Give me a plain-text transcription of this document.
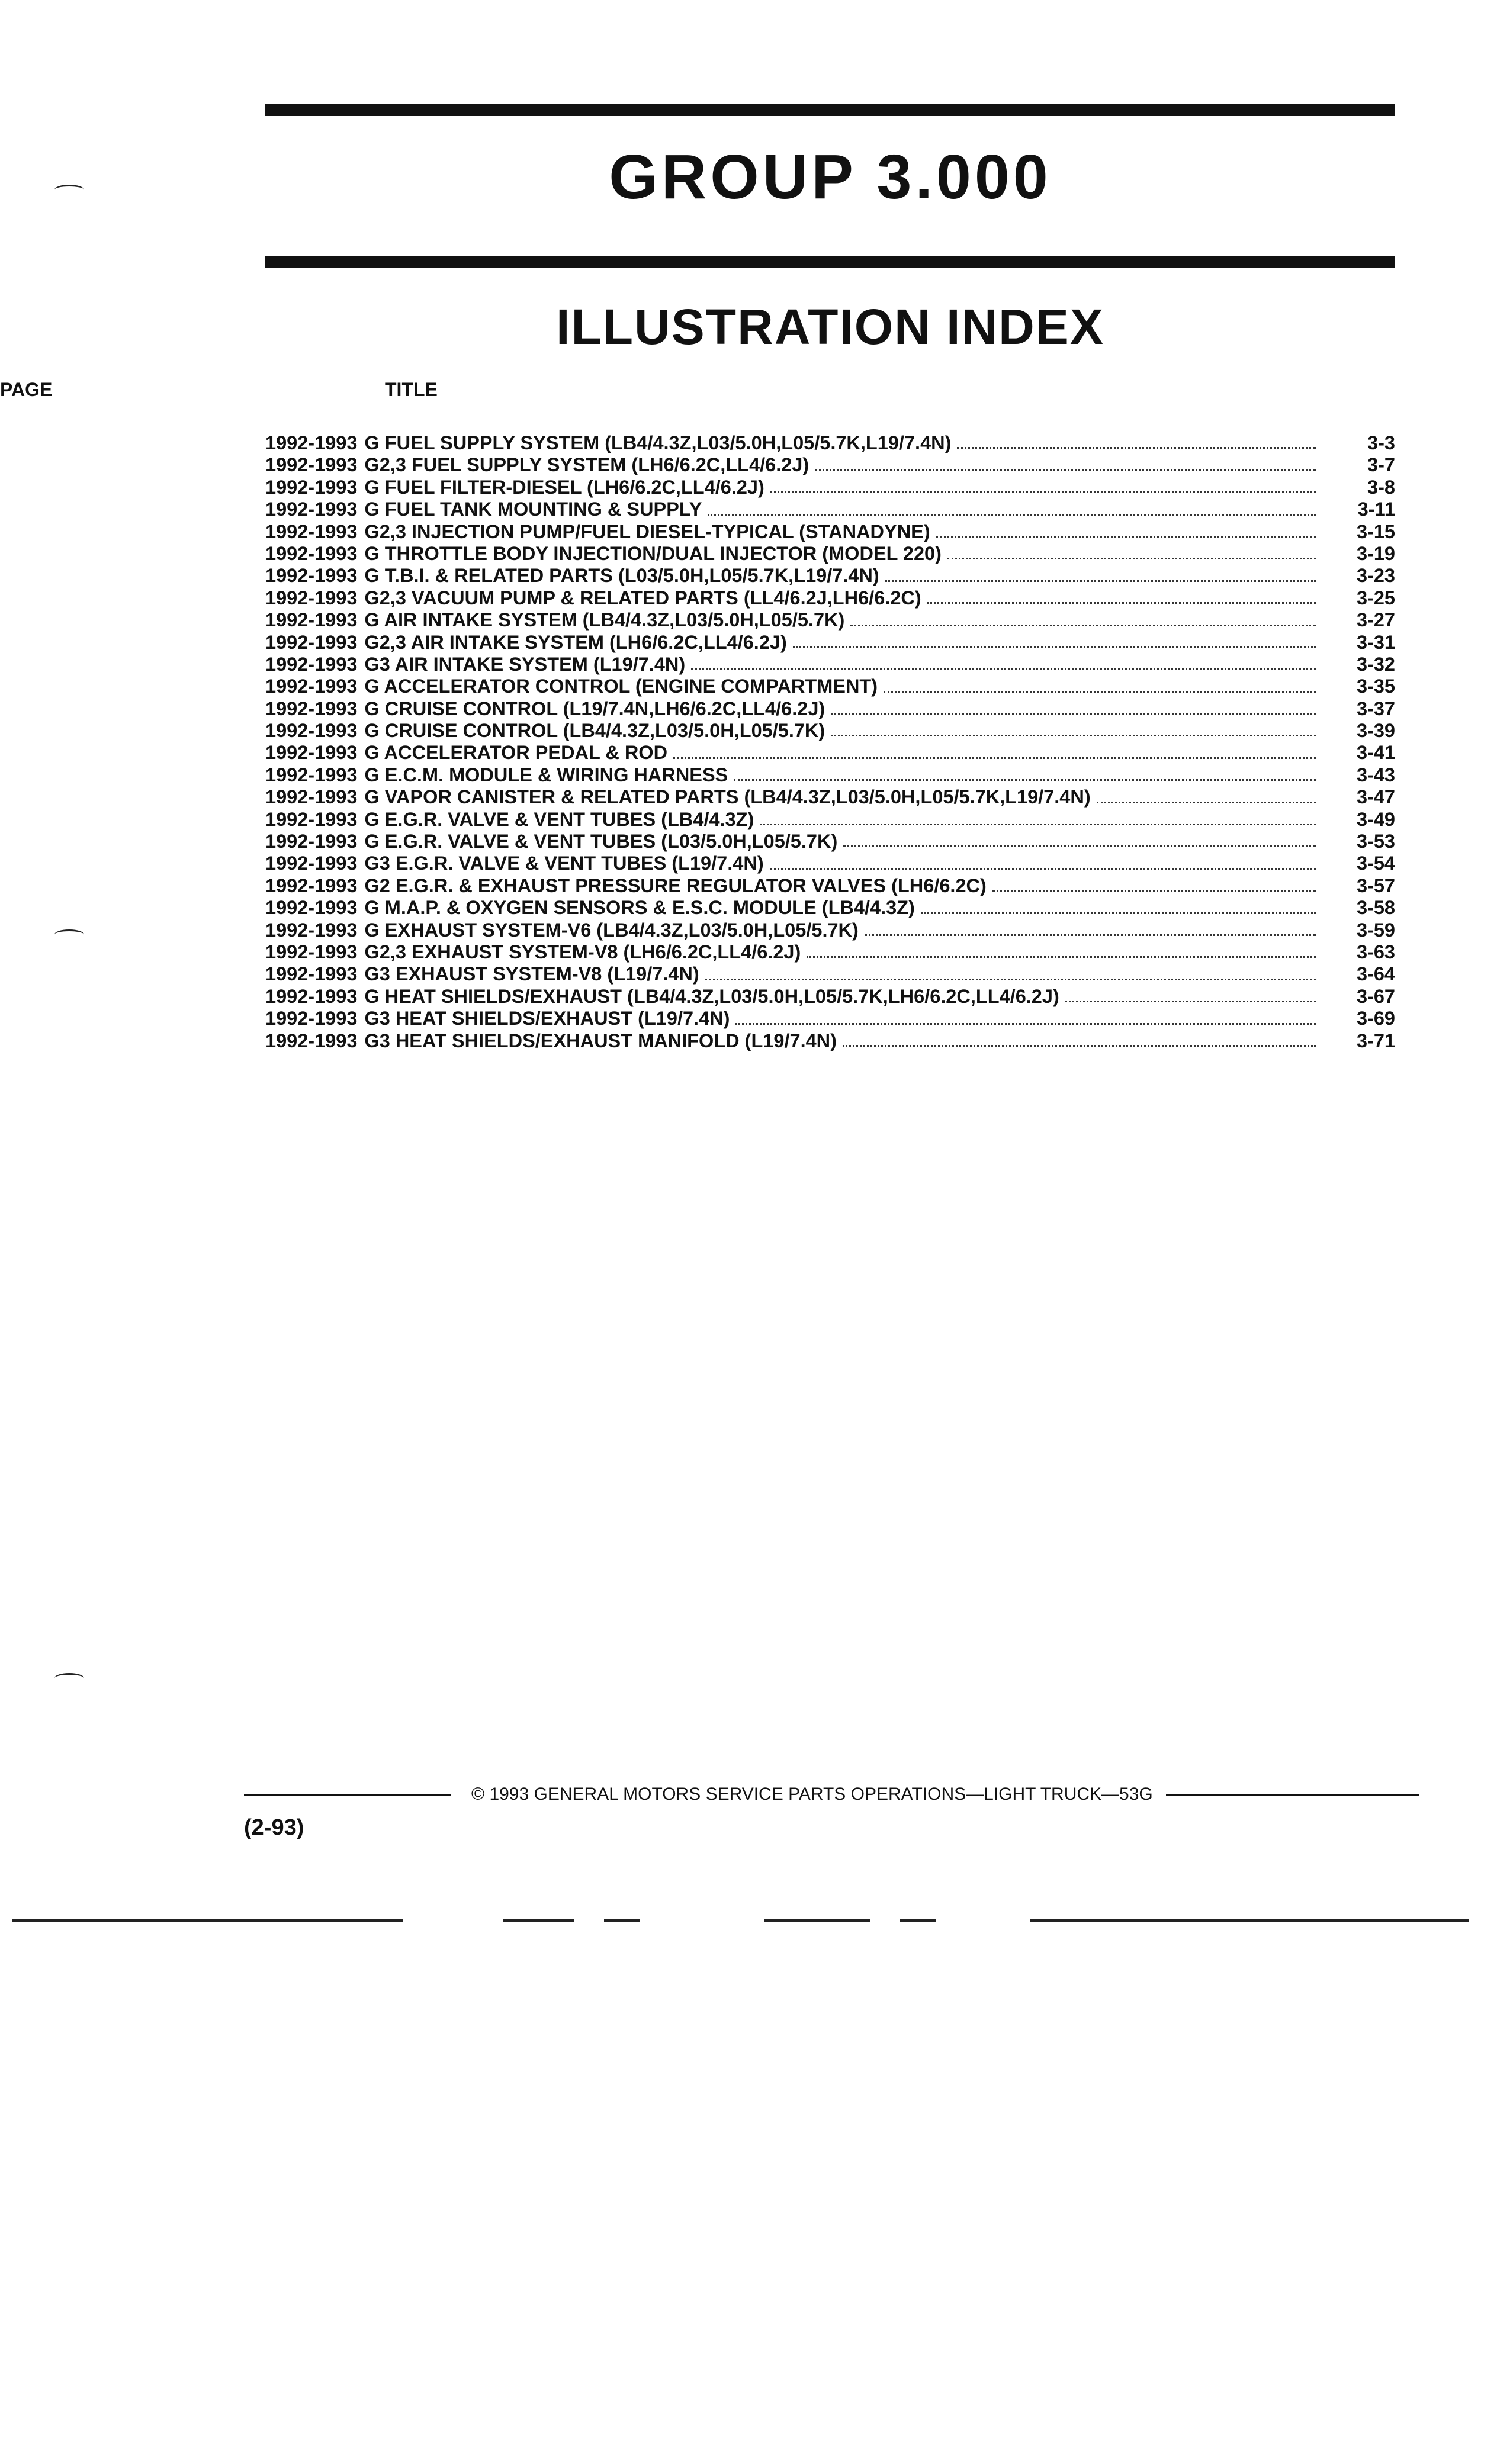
GROUP 3.000
ILLUSTRATION INDEX
TITLE
PAGE
1992-1993 G FUEL SUPPLY SYSTEM (LB4/4.3Z,L03/5.0H,L05/5.7K,L19/7.4N)	3-3
1992-1993 G2,3 FUEL SUPPLY SYSTEM (LH6/6.2C,LL4/6.2J)	3-7
1992-1993 G FUEL FILTER-DIESEL (LH6/6.2C,LL4/6.2J)	3-8
1992-1993 G FUEL TANK MOUNTING & SUPPLY	3-11
1992-1993 G2,3 INJECTION PUMP/FUEL DIESEL-TYPICAL (STANADYNE)	3-15
1992-1993 G THROTTLE BODY INJECTION/DUAL INJECTOR (MODEL 220)	3-19
1992-1993 G T.B.I. & RELATED PARTS (L03/5.0H,L05/5.7K,L19/7.4N)	3-23
1992-1993 G2,3 VACUUM PUMP & RELATED PARTS (LL4/6.2J,LH6/6.2C)	3-25
1992-1993 G AIR INTAKE SYSTEM (LB4/4.3Z,L03/5.0H,L05/5.7K)	3-27
1992-1993 G2,3 AIR INTAKE SYSTEM (LH6/6.2C,LL4/6.2J)	3-31
1992-1993 G3 AIR INTAKE SYSTEM (L19/7.4N)	3-32
1992-1993 G ACCELERATOR CONTROL (ENGINE COMPARTMENT)	3-35
1992-1993 G CRUISE CONTROL (L19/7.4N,LH6/6.2C,LL4/6.2J)	3-37
1992-1993 G CRUISE CONTROL (LB4/4.3Z,L03/5.0H,L05/5.7K)	3-39
1992-1993 G ACCELERATOR PEDAL & ROD	3-41
1992-1993 G E.C.M. MODULE & WIRING HARNESS	3-43
1992-1993 G VAPOR CANISTER & RELATED PARTS (LB4/4.3Z,L03/5.0H,L05/5.7K,L19/7.4N)	3-47
1992-1993 G E.G.R. VALVE & VENT TUBES (LB4/4.3Z)	3-49
1992-1993 G E.G.R. VALVE & VENT TUBES (L03/5.0H,L05/5.7K)	3-53
1992-1993 G3 E.G.R. VALVE & VENT TUBES (L19/7.4N)	3-54
1992-1993 G2 E.G.R. & EXHAUST PRESSURE REGULATOR VALVES (LH6/6.2C)	3-57
1992-1993 G M.A.P. & OXYGEN SENSORS & E.S.C. MODULE (LB4/4.3Z)	3-58
1992-1993 G EXHAUST SYSTEM-V6 (LB4/4.3Z,L03/5.0H,L05/5.7K)	3-59
1992-1993 G2,3 EXHAUST SYSTEM-V8 (LH6/6.2C,LL4/6.2J)	3-63
1992-1993 G3 EXHAUST SYSTEM-V8 (L19/7.4N)	3-64
1992-1993 G HEAT SHIELDS/EXHAUST (LB4/4.3Z,L03/5.0H,L05/5.7K,LH6/6.2C,LL4/6.2J)	3-67
1992-1993 G3 HEAT SHIELDS/EXHAUST (L19/7.4N)	3-69
1992-1993 G3 HEAT SHIELDS/EXHAUST MANIFOLD (L19/7.4N)	3-71
© 1993 GENERAL MOTORS SERVICE PARTS OPERATIONS—LIGHT TRUCK—53G
(2-93)
